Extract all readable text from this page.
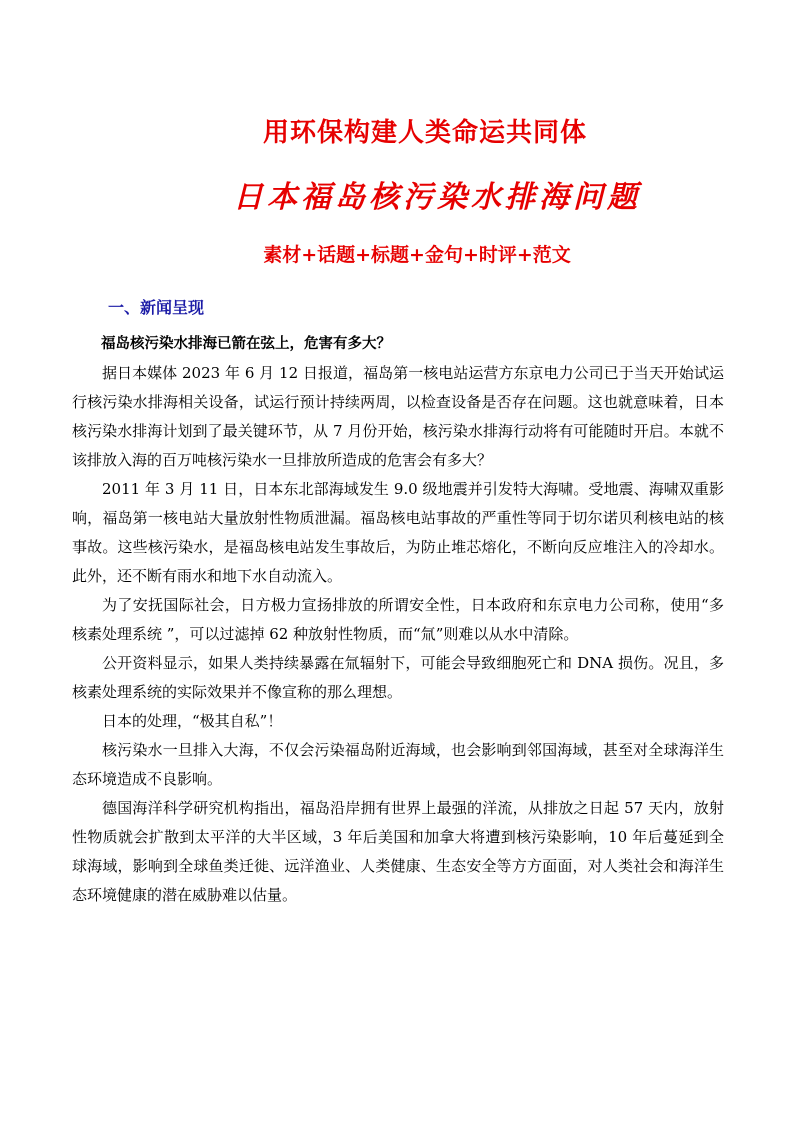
用环保构建人类命运共同体
日本福岛核污染水排海问题
素材+话题+标题+金句+时评+范文
一、新闻呈现

福岛核污染水排海已箭在弦上，危害有多大？

据日本媒体 2023 年 6 月 12 日报道，福岛第一核电站运营方东京电力公司已于当天开始试运行核污染水排海相关设备，试运行预计持续两周，以检查设备是否存在问题。这也就意味着，日本核污染水排海计划到了最关键环节，从 7 月份开始，核污染水排海行动将有可能随时开启。本就不该排放入海的百万吨核污染水一旦排放所造成的危害会有多大？

2011 年 3 月 11 日，日本东北部海域发生 9.0 级地震并引发特大海啸。受地震、海啸双重影响，福岛第一核电站大量放射性物质泄漏。福岛核电站事故的严重性等同于切尔诺贝利核电站的核事故。这些核污染水，是福岛核电站发生事故后，为防止堆芯熔化，不断向反应堆注入的冷却水。此外，还不断有雨水和地下水自动流入。

为了安抚国际社会，日方极力宣扬排放的所谓安全性，日本政府和东京电力公司称，使用“多核素处理系统 ”，可以过滤掉 62 种放射性物质，而“氚”则难以从水中清除。

公开资料显示，如果人类持续暴露在氚辐射下，可能会导致细胞死亡和 DNA 损伤。况且，多核素处理系统的实际效果并不像宣称的那么理想。

日本的处理，“极其自私”！

核污染水一旦排入大海，不仅会污染福岛附近海域，也会影响到邻国海域，甚至对全球海洋生态环境造成不良影响。

德国海洋科学研究机构指出，福岛沿岸拥有世界上最强的洋流，从排放之日起 57 天内，放射性物质就会扩散到太平洋的大半区域，3 年后美国和加拿大将遭到核污染影响，10 年后蔓延到全球海域，影响到全球鱼类迁徙、远洋渔业、人类健康、生态安全等方方面面，对人类社会和海洋生态环境健康的潜在威胁难以估量。
